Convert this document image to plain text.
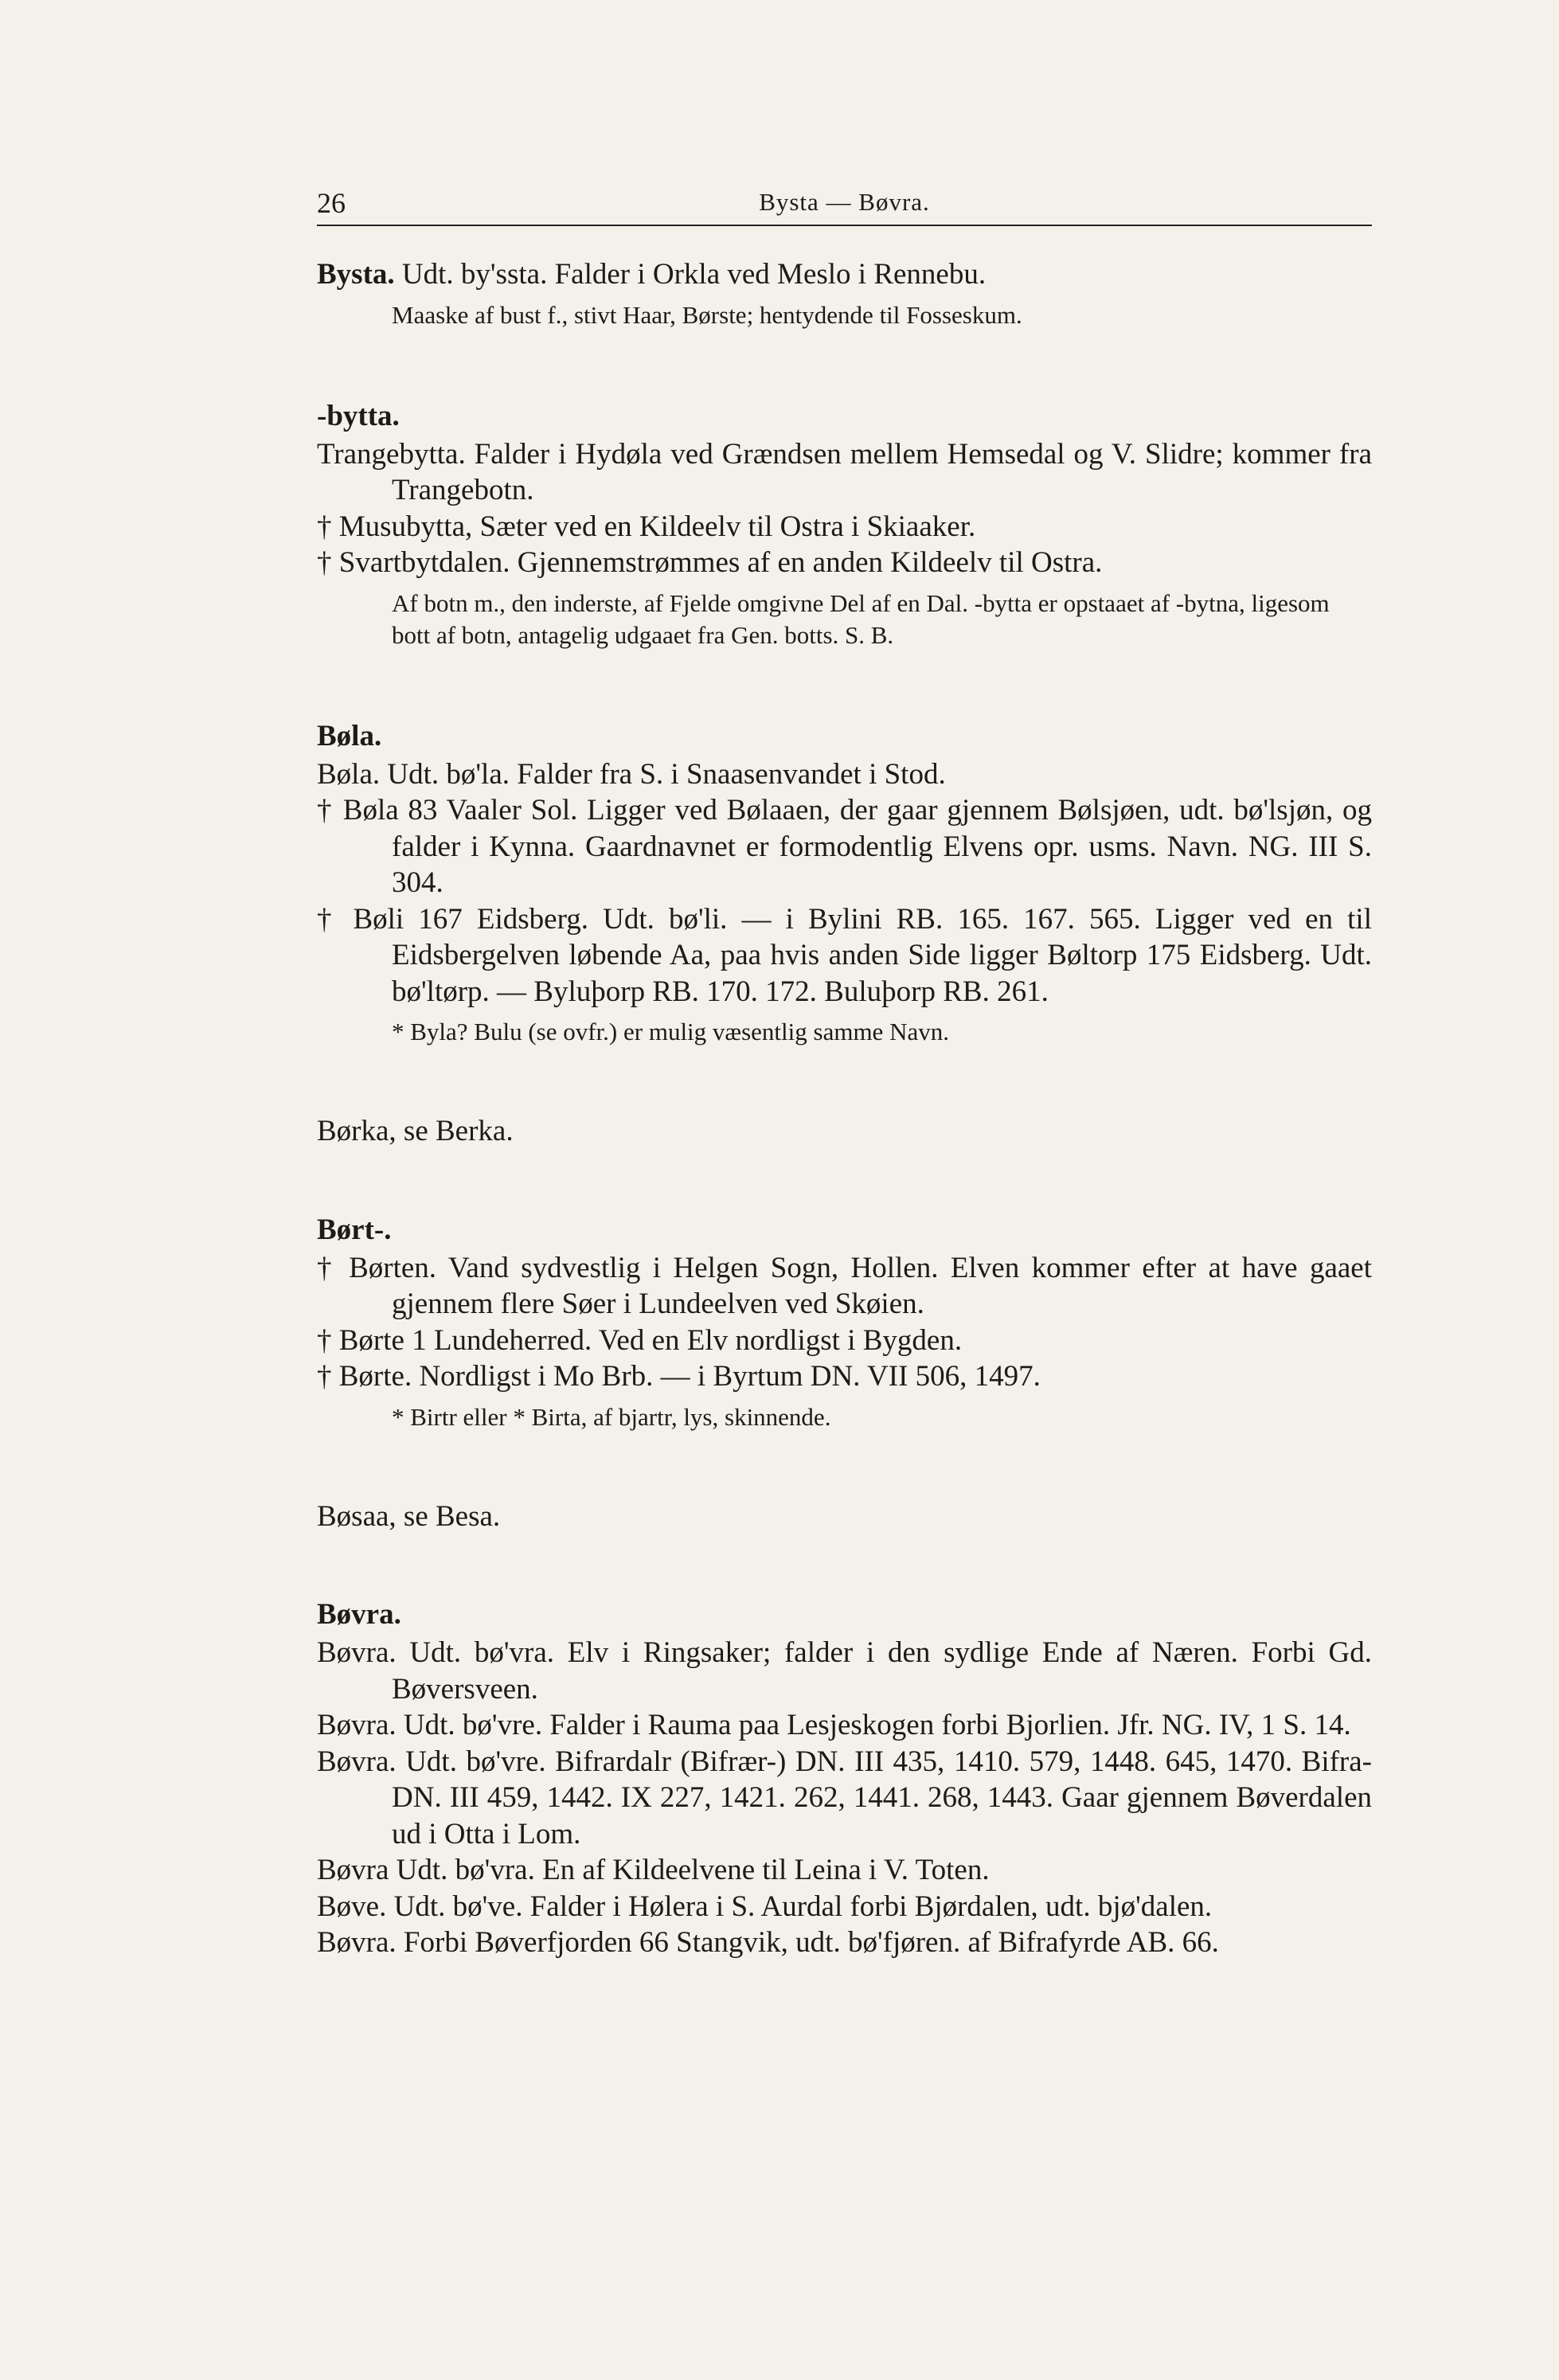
26	Bysta — Bøvra.

Bysta. Udt. by'ssta. Falder i Orkla ved Meslo i Rennebu.

Maaske af bust f., stivt Haar, Børste; hentydende til Fosseskum.

-bytta.

Trangebytta. Falder i Hydøla ved Grændsen mellem Hemsedal og V. Slidre; kommer fra Trangebotn.

† Musubytta, Sæter ved en Kildeelv til Ostra i Skiaaker.

† Svartbytdalen. Gjennemstrømmes af en anden Kildeelv til Ostra.

Af botn m., den inderste, af Fjelde omgivne Del af en Dal. -bytta er opstaaet af -bytna, ligesom bott af botn, antagelig udgaaet fra Gen. botts. S. B.

Bøla.

Bøla. Udt. bø'la. Falder fra S. i Snaasenvandet i Stod.

† Bøla 83 Vaaler Sol. Ligger ved Bølaaen, der gaar gjennem Bølsjøen, udt. bø'lsjøn, og falder i Kynna. Gaardnavnet er formodentlig Elvens opr. usms. Navn. NG. III S. 304.

† Bøli 167 Eidsberg. Udt. bø'li. — i Bylini RB. 165. 167. 565. Ligger ved en til Eidsbergelven løbende Aa, paa hvis anden Side ligger Bøltorp 175 Eidsberg. Udt. bø'ltørp. — Byluþorp RB. 170. 172. Buluþorp RB. 261.

* Byla? Bulu (se ovfr.) er mulig væsentlig samme Navn.

Børka, se Berka.

Børt-.

† Børten. Vand sydvestlig i Helgen Sogn, Hollen. Elven kommer efter at have gaaet gjennem flere Søer i Lundeelven ved Skøien.

† Børte 1 Lundeherred. Ved en Elv nordligst i Bygden.

† Børte. Nordligst i Mo Brb. — i Byrtum DN. VII 506, 1497.

* Birtr eller * Birta, af bjartr, lys, skinnende.

Bøsaa, se Besa.

Bøvra.

Bøvra. Udt. bø'vra. Elv i Ringsaker; falder i den sydlige Ende af Næren. Forbi Gd. Bøversveen.

Bøvra. Udt. bø'vre. Falder i Rauma paa Lesjeskogen forbi Bjorlien. Jfr. NG. IV, 1 S. 14.

Bøvra. Udt. bø'vre. Bifrardalr (Bifrær-) DN. III 435, 1410. 579, 1448. 645, 1470. Bifra- DN. III 459, 1442. IX 227, 1421. 262, 1441. 268, 1443. Gaar gjennem Bøverdalen ud i Otta i Lom.

Bøvra Udt. bø'vra. En af Kildeelvene til Leina i V. Toten.

Bøve. Udt. bø've. Falder i Hølera i S. Aurdal forbi Bjørdalen, udt. bjø'dalen.

Bøvra. Forbi Bøverfjorden 66 Stangvik, udt. bø'fjøren. af Bifrafyrde AB. 66.
